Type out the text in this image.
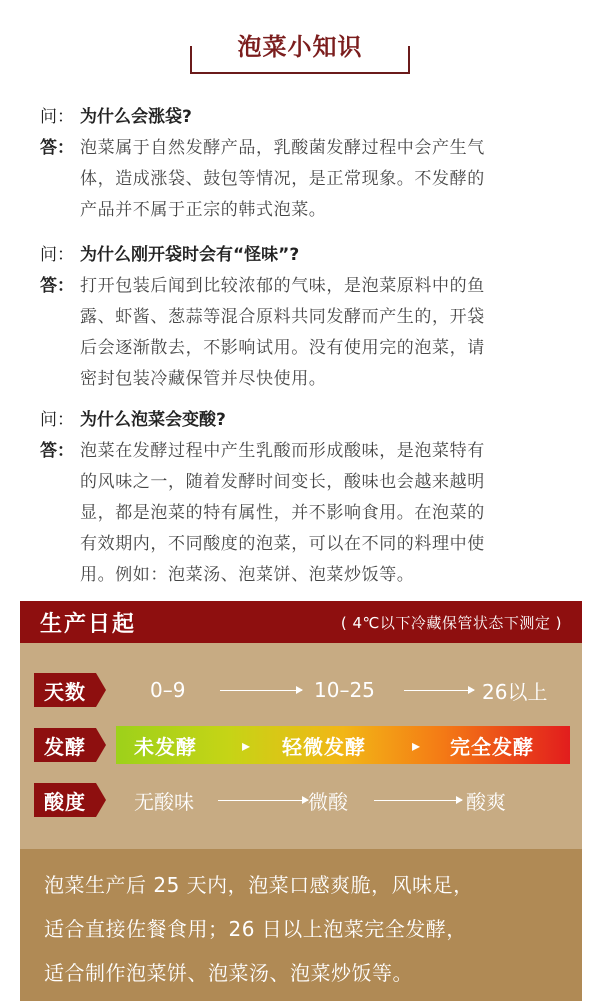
泡菜小知识
问： 为什么会涨袋?
答： 泡菜属于自然发酵产品，乳酸菌发酵过程中会产生气
体，造成涨袋、鼓包等情况，是正常现象。不发酵的
产品并不属于正宗的韩式泡菜。
问： 为什么刚开袋时会有“怪味”?
答： 打开包装后闻到比较浓郁的气味，是泡菜原料中的鱼
露、虾酱、葱蒜等混合原料共同发酵而产生的，开袋
后会逐渐散去，不影响试用。没有使用完的泡菜，请
密封包装冷藏保管并尽快使用。
问： 为什么泡菜会变酸?
答： 泡菜在发酵过程中产生乳酸而形成酸味，是泡菜特有
的风味之一，随着发酵时间变长，酸味也会越来越明
显，都是泡菜的特有属性，并不影响食用。在泡菜的
有效期内，不同酸度的泡菜，可以在不同的料理中使
用。例如：泡菜汤、泡菜饼、泡菜炒饭等。
生产日起	( 4℃以下冷藏保管状态下测定 )
天数	0–9	10–25	26以上
发酵	未发酵	▸ 轻微发酵	▸ 完全发酵
酸度	无酸味	微酸	酸爽
泡菜生产后 25 天内，泡菜口感爽脆，风味足，
适合直接佐餐食用；26 日以上泡菜完全发酵，
适合制作泡菜饼、泡菜汤、泡菜炒饭等。
